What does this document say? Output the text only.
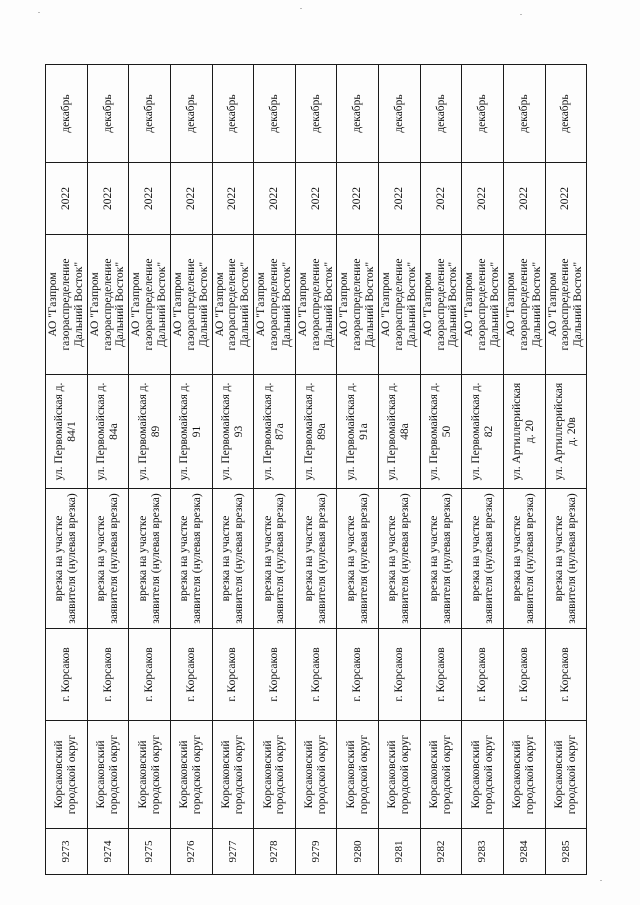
9273	Корсаковский городской округ	г. Корсаков	врезка на участке заявителя (нулевая врезка)	ул. Первомайская д. 84/1	АО "Газпром газораспределение Дальний Восток"	2022	декабрь
9274	Корсаковский городской округ	г. Корсаков	врезка на участке заявителя (нулевая врезка)	ул. Первомайская д. 84а	АО "Газпром газораспределение Дальний Восток"	2022	декабрь
9275	Корсаковский городской округ	г. Корсаков	врезка на участке заявителя (нулевая врезка)	ул. Первомайская д. 89	АО "Газпром газораспределение Дальний Восток"	2022	декабрь
9276	Корсаковский городской округ	г. Корсаков	врезка на участке заявителя (нулевая врезка)	ул. Первомайская д. 91	АО "Газпром газораспределение Дальний Восток"	2022	декабрь
9277	Корсаковский городской округ	г. Корсаков	врезка на участке заявителя (нулевая врезка)	ул. Первомайская д. 93	АО "Газпром газораспределение Дальний Восток"	2022	декабрь
9278	Корсаковский городской округ	г. Корсаков	врезка на участке заявителя (нулевая врезка)	ул. Первомайская д. 87а	АО "Газпром газораспределение Дальний Восток"	2022	декабрь
9279	Корсаковский городской округ	г. Корсаков	врезка на участке заявителя (нулевая врезка)	ул. Первомайская д. 89а	АО "Газпром газораспределение Дальний Восток"	2022	декабрь
9280	Корсаковский городской округ	г. Корсаков	врезка на участке заявителя (нулевая врезка)	ул. Первомайская д. 91а	АО "Газпром газораспределение Дальний Восток"	2022	декабрь
9281	Корсаковский городской округ	г. Корсаков	врезка на участке заявителя (нулевая врезка)	ул. Первомайская д. 48а	АО "Газпром газораспределение Дальний Восток"	2022	декабрь
9282	Корсаковский городской округ	г. Корсаков	врезка на участке заявителя (нулевая врезка)	ул. Первомайская д. 50	АО "Газпром газораспределение Дальний Восток"	2022	декабрь
9283	Корсаковский городской округ	г. Корсаков	врезка на участке заявителя (нулевая врезка)	ул. Первомайская д. 82	АО "Газпром газораспределение Дальний Восток"	2022	декабрь
9284	Корсаковский городской округ	г. Корсаков	врезка на участке заявителя (нулевая врезка)	ул. Артиллерийская д. 20	АО "Газпром газораспределение Дальний Восток"	2022	декабрь
9285	Корсаковский городской округ	г. Корсаков	врезка на участке заявителя (нулевая врезка)	ул. Артиллерийская д. 20в	АО "Газпром газораспределение Дальний Восток"	2022	декабрь
